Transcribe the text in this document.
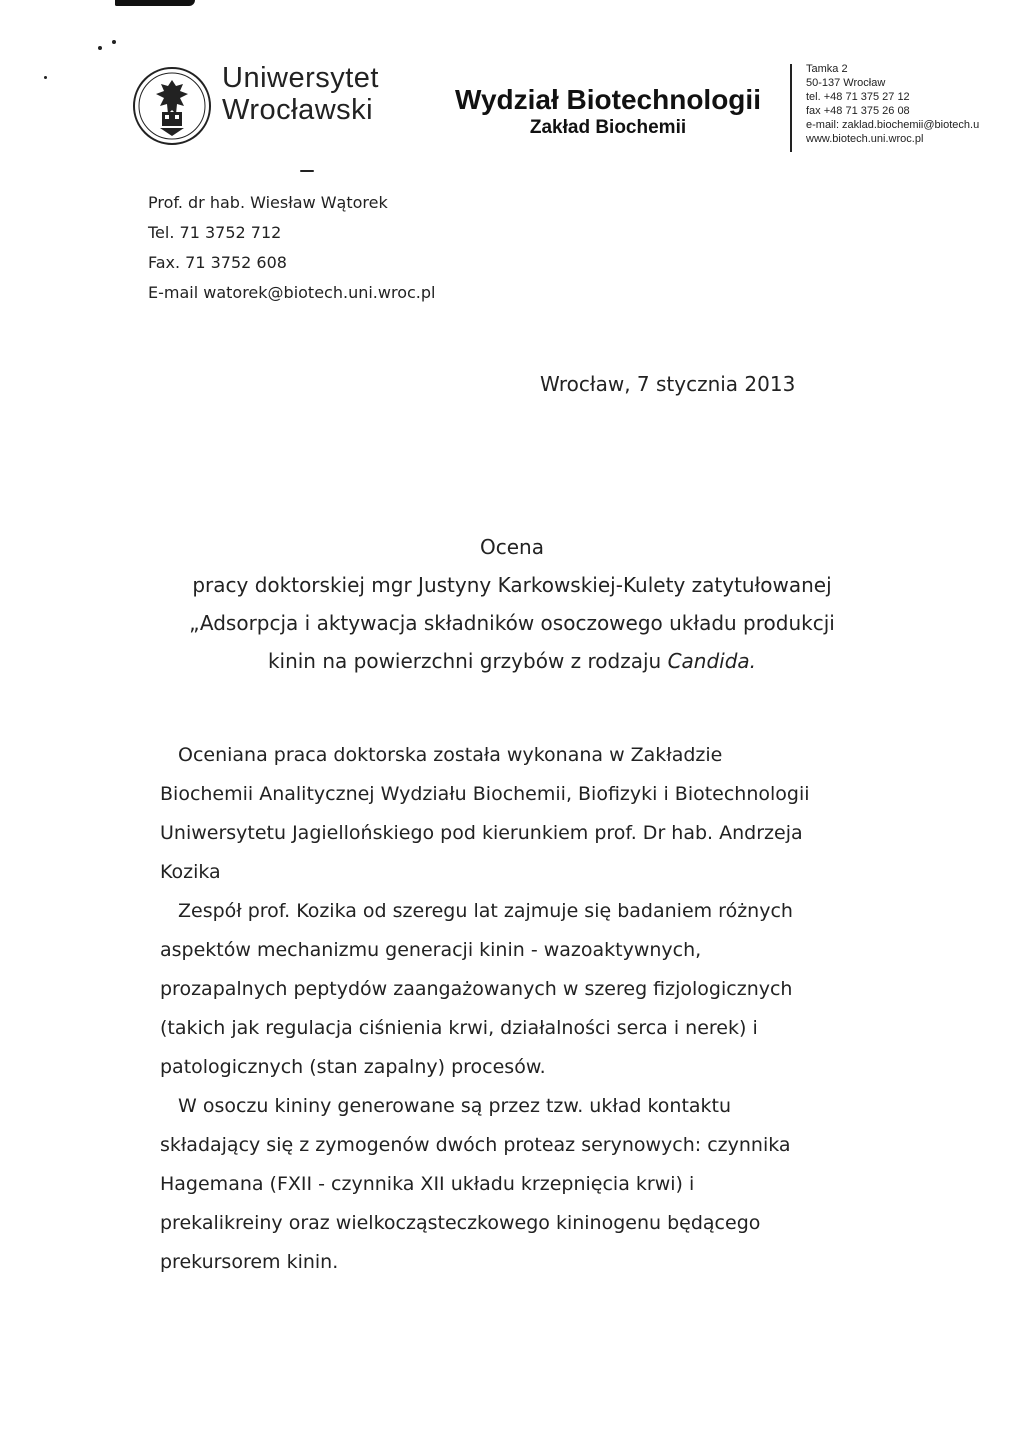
Uniwersytet
Wrocławski	Wydział Biotechnologii
Zakład Biochemii
Tamka 2
50-137 Wrocław
tel. +48 71 375 27 12
fax +48 71 375 26 08
e-mail: zaklad.biochemii@biotech.u
www.biotech.uni.wroc.pl
Prof. dr hab. Wiesław Wątorek
Tel. 71 3752 712
Fax. 71 3752 608
E-mail watorek@biotech.uni.wroc.pl
Wrocław, 7 stycznia 2013
Ocena
pracy doktorskiej mgr Justyny Karkowskiej-Kulety zatytułowanej
„Adsorpcja i aktywacja składników osoczowego układu produkcji
kinin na powierzchni grzybów z rodzaju Candida.
Oceniana praca doktorska została wykonana w Zakładzie
Biochemii Analitycznej Wydziału Biochemii, Biofizyki i Biotechnologii
Uniwersytetu Jagiellońskiego pod kierunkiem prof. Dr hab. Andrzeja
Kozika
Zespół prof. Kozika od szeregu lat zajmuje się badaniem różnych
aspektów mechanizmu generacji kinin - wazoaktywnych,
prozapalnych peptydów zaangażowanych w szereg fizjologicznych
(takich jak regulacja ciśnienia krwi, działalności serca i nerek) i
patologicznych (stan zapalny) procesów.
W osoczu kininy generowane są przez tzw. układ kontaktu
składający się z zymogenów dwóch proteaz serynowych: czynnika
Hagemana (FXII - czynnika XII układu krzepnięcia krwi) i
prekalikreiny oraz wielkocząsteczkowego kininogenu będącego
prekursorem kinin.
